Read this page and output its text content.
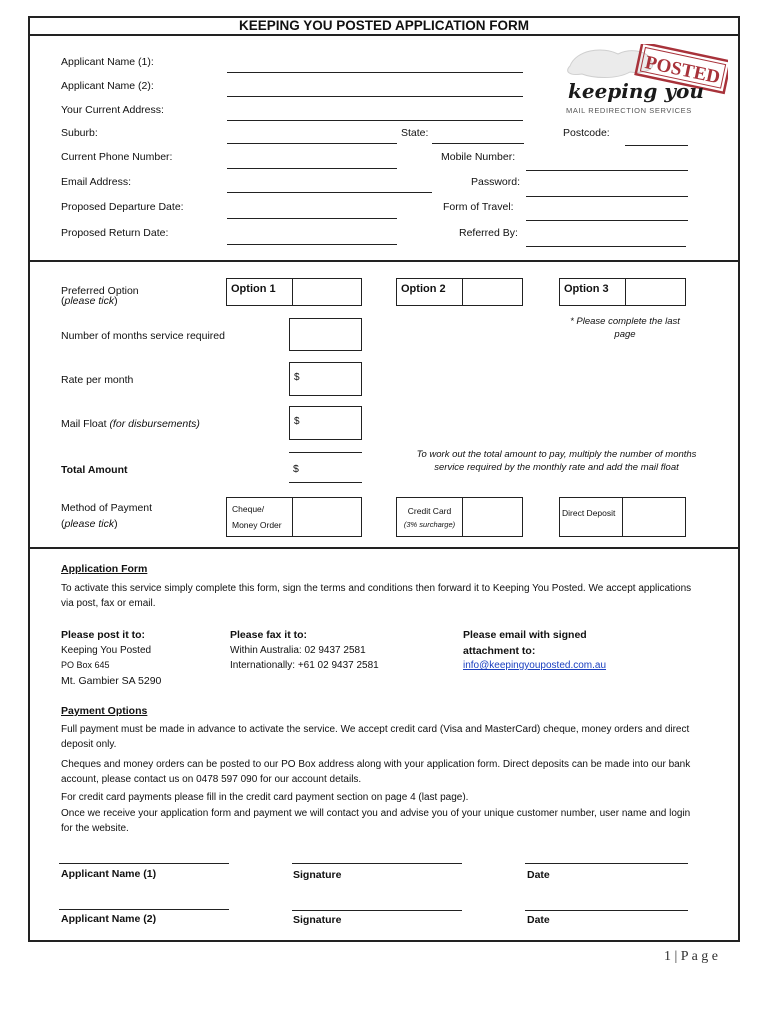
KEEPING YOU POSTED APPLICATION FORM
Applicant Name (1):
Applicant Name (2):
Your Current Address:
Suburb:	State:	Postcode:
Current Phone Number:	Mobile Number:
Email Address:	Password:
Proposed Departure Date:	Form of Travel:
Proposed Return Date:	Referred By:
POSTED
keeping you
MAIL REDIRECTION SERVICES
Preferred Option
(please tick)
Option 1	Option 2	Option 3
* Please complete the last page
Number of months service required
Rate per month	$
Mail Float (for disbursements)	$
Total Amount	$
To work out the total amount to pay, multiply the number of months service required by the monthly rate and add the mail float
Method of Payment
(please tick)
Cheque/
Money Order
Credit Card
(3% surcharge)
Direct Deposit
Application Form
To activate this service simply complete this form, sign the terms and conditions then forward it to Keeping You Posted. We accept applications via post, fax or email.
Please post it to:
Keeping You Posted
PO Box 645
Mt. Gambier SA 5290
Please fax it to:
Within Australia: 02 9437 2581
Internationally: +61 02 9437 2581
Please email with signed
attachment to:
info@keepingyouposted.com.au
Payment Options
Full payment must be made in advance to activate the service. We accept credit card (Visa and MasterCard) cheque, money orders and direct deposit only.
Cheques and money orders can be posted to our PO Box address along with your application form. Direct deposits can be made into our bank account, please contact us on 0478 597 090 for our account details.
For credit card payments please fill in the credit card payment section on page 4 (last page).
Once we receive your application form and payment we will contact you and advise you of your unique customer number, user name and login for the website.
Applicant Name (1)	Signature	Date
Applicant Name (2)	Signature	Date
1 | P a g e
